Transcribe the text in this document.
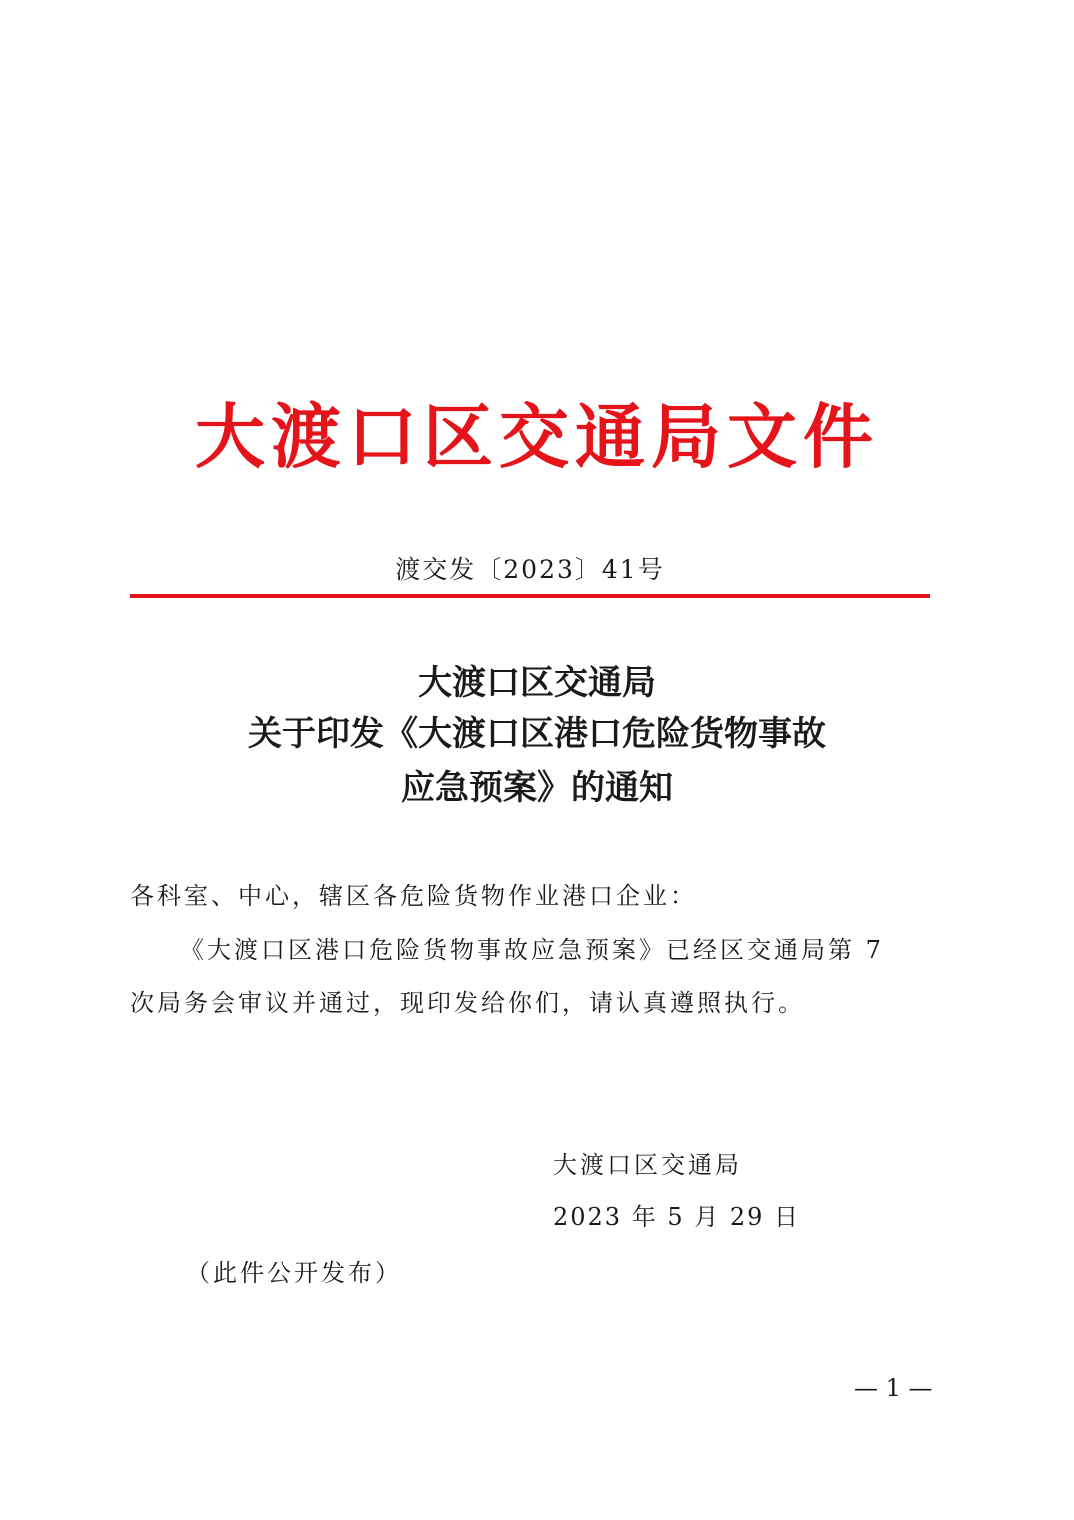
大渡口区交通局文件
渡交发〔2023〕41号
大渡口区交通局
关于印发《大渡口区港口危险货物事故
应急预案》的通知
各科室、中心，辖区各危险货物作业港口企业：
《大渡口区港口危险货物事故应急预案》已经区交通局第 7
次局务会审议并通过，现印发给你们，请认真遵照执行。
大渡口区交通局
2023 年 5 月 29 日
（此件公开发布）
— 1 —
